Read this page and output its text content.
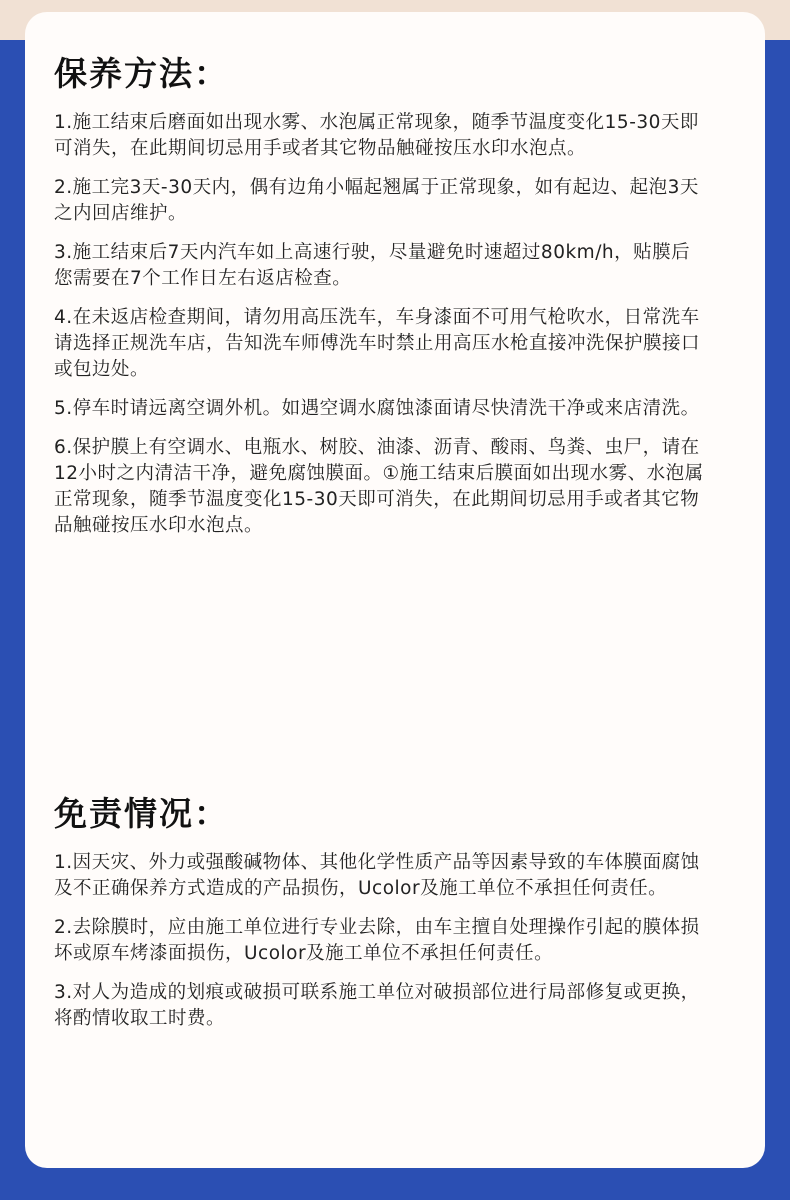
保养方法：

1.施工结束后磨面如出现水雾、水泡属正常现象，随季节温度变化15-30天即可消失，在此期间切忌用手或者其它物品触碰按压水印水泡点。

2.施工完3天-30天内，偶有边角小幅起翘属于正常现象，如有起边、起泡3天之内回店维护。

3.施工结束后7天内汽车如上高速行驶，尽量避免时速超过80km/h，贴膜后您需要在7个工作日左右返店检查。

4.在未返店检查期间，请勿用高压洗车，车身漆面不可用气枪吹水，日常洗车请选择正规洗车店，告知洗车师傅洗车时禁止用高压水枪直接冲洗保护膜接口或包边处。

5.停车时请远离空调外机。如遇空调水腐蚀漆面请尽快清洗干净或来店清洗。

6.保护膜上有空调水、电瓶水、树胶、油漆、沥青、酸雨、鸟粪、虫尸，请在12小时之内清洁干净，避免腐蚀膜面。①施工结束后膜面如出现水雾、水泡属正常现象，随季节温度变化15-30天即可消失，在此期间切忌用手或者其它物品触碰按压水印水泡点。

免责情况：

1.因天灾、外力或强酸碱物体、其他化学性质产品等因素导致的车体膜面腐蚀及不正确保养方式造成的产品损伤，Ucolor及施工单位不承担任何责任。

2.去除膜时，应由施工单位进行专业去除，由车主擅自处理操作引起的膜体损坏或原车烤漆面损伤，Ucolor及施工单位不承担任何责任。

3.对人为造成的划痕或破损可联系施工单位对破损部位进行局部修复或更换，将酌情收取工时费。
